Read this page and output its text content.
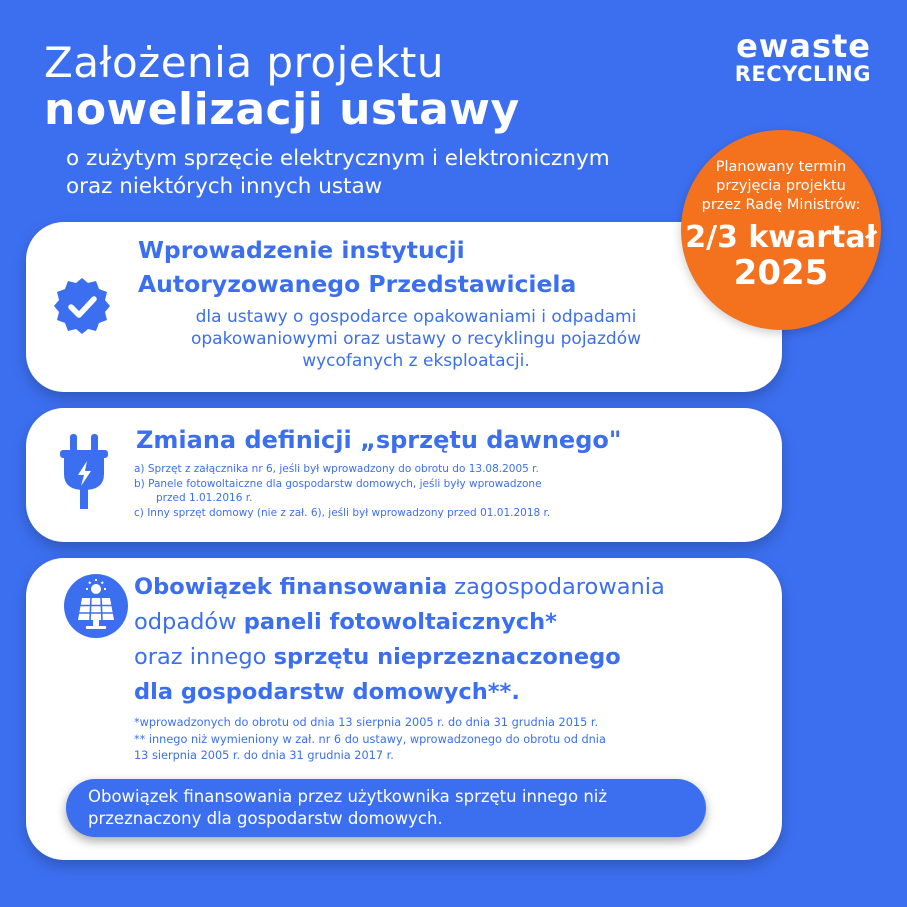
Założenia projektu
nowelizacji ustawy
o zużytym sprzęcie elektrycznym i elektronicznym
oraz niektórych innych ustaw
ewaste
RECYCLING
Wprowadzenie instytucji
Autoryzowanego Przedstawiciela
dla ustawy o gospodarce opakowaniami i odpadami
opakowaniowymi oraz ustawy o recyklingu pojazdów
wycofanych z eksploatacji.
Zmiana definicji „sprzętu dawnego"
a) Sprzęt z załącznika nr 6, jeśli był wprowadzony do obrotu do 13.08.2005 r.
b) Panele fotowoltaiczne dla gospodarstw domowych, jeśli były wprowadzone
przed 1.01.2016 r.
c) Inny sprzęt domowy (nie z zał. 6), jeśli był wprowadzony przed 01.01.2018 r.
Obowiązek finansowania zagospodarowania
odpadów paneli fotowoltaicznych*
oraz innego sprzętu nieprzeznaczonego
dla gospodarstw domowych**.
*wprowadzonych do obrotu od dnia 13 sierpnia 2005 r. do dnia 31 grudnia 2015 r.
** innego niż wymieniony w zał. nr 6 do ustawy, wprowadzonego do obrotu od dnia
13 sierpnia 2005 r. do dnia 31 grudnia 2017 r.
Obowiązek finansowania przez użytkownika sprzętu innego niż
przeznaczony dla gospodarstw domowych.
Planowany termin
przyjęcia projektu
przez Radę Ministrów:
2/3 kwartał
2025
